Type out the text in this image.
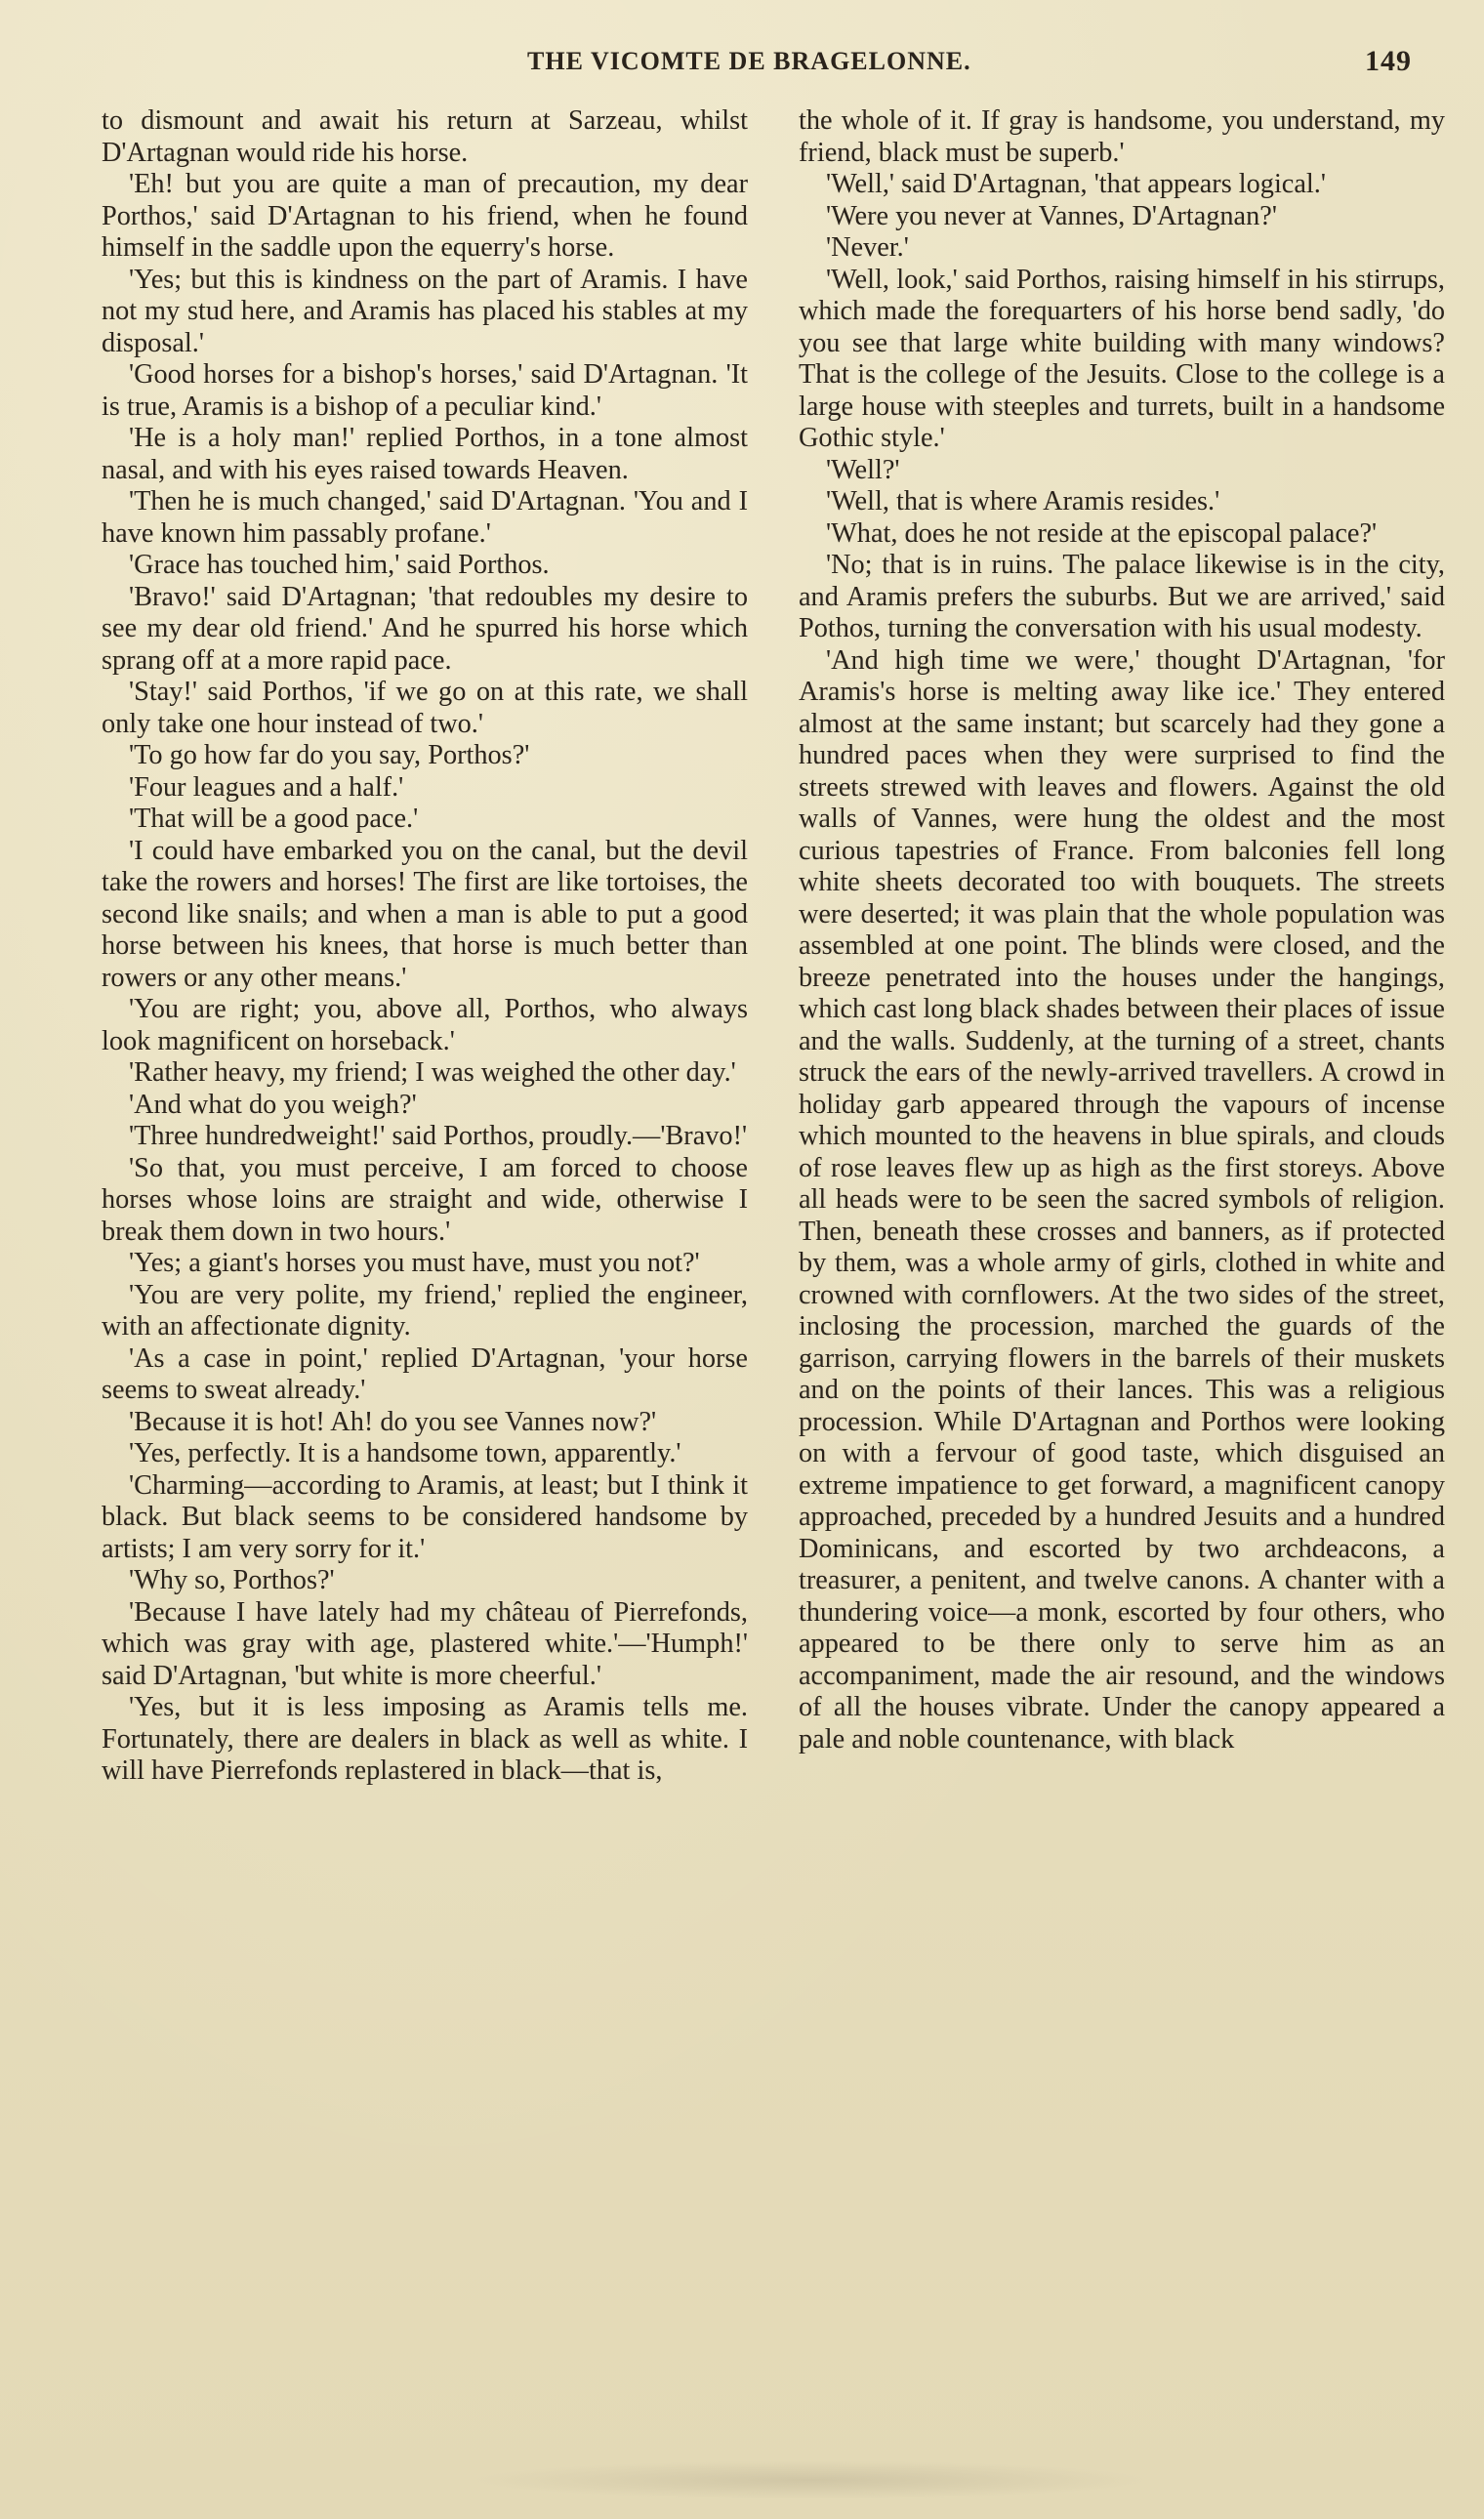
THE VICOMTE DE BRAGELONNE.	149

to dismount and await his return at Sarzeau, whilst D'Artagnan would ride his horse.

'Eh! but you are quite a man of precaution, my dear Porthos,' said D'Artagnan to his friend, when he found himself in the saddle upon the equerry's horse.

'Yes; but this is kindness on the part of Aramis. I have not my stud here, and Aramis has placed his stables at my disposal.'

'Good horses for a bishop's horses,' said D'Artagnan. 'It is true, Aramis is a bishop of a peculiar kind.'

'He is a holy man!' replied Porthos, in a tone almost nasal, and with his eyes raised towards Heaven.

'Then he is much changed,' said D'Artagnan. 'You and I have known him passably profane.'

'Grace has touched him,' said Porthos.

'Bravo!' said D'Artagnan; 'that redoubles my desire to see my dear old friend.' And he spurred his horse which sprang off at a more rapid pace.

'Stay!' said Porthos, 'if we go on at this rate, we shall only take one hour instead of two.'

'To go how far do you say, Porthos?'

'Four leagues and a half.'

'That will be a good pace.'

'I could have embarked you on the canal, but the devil take the rowers and horses! The first are like tortoises, the second like snails; and when a man is able to put a good horse between his knees, that horse is much better than rowers or any other means.'

'You are right; you, above all, Porthos, who always look magnificent on horseback.'

'Rather heavy, my friend; I was weighed the other day.'

'And what do you weigh?'

'Three hundredweight!' said Porthos, proudly.—'Bravo!'

'So that, you must perceive, I am forced to choose horses whose loins are straight and wide, otherwise I break them down in two hours.'

'Yes; a giant's horses you must have, must you not?'

'You are very polite, my friend,' replied the engineer, with an affectionate dignity.

'As a case in point,' replied D'Artagnan, 'your horse seems to sweat already.'

'Because it is hot! Ah! do you see Vannes now?'

'Yes, perfectly. It is a handsome town, apparently.'

'Charming—according to Aramis, at least; but I think it black. But black seems to be considered handsome by artists; I am very sorry for it.'

'Why so, Porthos?'

'Because I have lately had my château of Pierrefonds, which was gray with age, plastered white.'—'Humph!' said D'Artagnan, 'but white is more cheerful.'

'Yes, but it is less imposing as Aramis tells me. Fortunately, there are dealers in black as well as white. I will have Pierrefonds replastered in black—that is,

the whole of it. If gray is handsome, you understand, my friend, black must be superb.'

'Well,' said D'Artagnan, 'that appears logical.'

'Were you never at Vannes, D'Artagnan?'

'Never.'

'Well, look,' said Porthos, raising himself in his stirrups, which made the forequarters of his horse bend sadly, 'do you see that large white building with many windows? That is the college of the Jesuits. Close to the college is a large house with steeples and turrets, built in a handsome Gothic style.'

'Well?'

'Well, that is where Aramis resides.'

'What, does he not reside at the episcopal palace?'

'No; that is in ruins. The palace likewise is in the city, and Aramis prefers the suburbs. But we are arrived,' said Pothos, turning the conversation with his usual modesty.

'And high time we were,' thought D'Artagnan, 'for Aramis's horse is melting away like ice.' They entered almost at the same instant; but scarcely had they gone a hundred paces when they were surprised to find the streets strewed with leaves and flowers. Against the old walls of Vannes, were hung the oldest and the most curious tapestries of France. From balconies fell long white sheets decorated too with bouquets. The streets were deserted; it was plain that the whole population was assembled at one point. The blinds were closed, and the breeze penetrated into the houses under the hangings, which cast long black shades between their places of issue and the walls. Suddenly, at the turning of a street, chants struck the ears of the newly-arrived travellers. A crowd in holiday garb appeared through the vapours of incense which mounted to the heavens in blue spirals, and clouds of rose leaves flew up as high as the first storeys. Above all heads were to be seen the sacred symbols of religion. Then, beneath these crosses and banners, as if protected by them, was a whole army of girls, clothed in white and crowned with cornflowers. At the two sides of the street, inclosing the procession, marched the guards of the garrison, carrying flowers in the barrels of their muskets and on the points of their lances. This was a religious procession. While D'Artagnan and Porthos were looking on with a fervour of good taste, which disguised an extreme impatience to get forward, a magnificent canopy approached, preceded by a hundred Jesuits and a hundred Dominicans, and escorted by two archdeacons, a treasurer, a penitent, and twelve canons. A chanter with a thundering voice—a monk, escorted by four others, who appeared to be there only to serve him as an accompaniment, made the air resound, and the windows of all the houses vibrate. Under the canopy appeared a pale and noble countenance, with black
